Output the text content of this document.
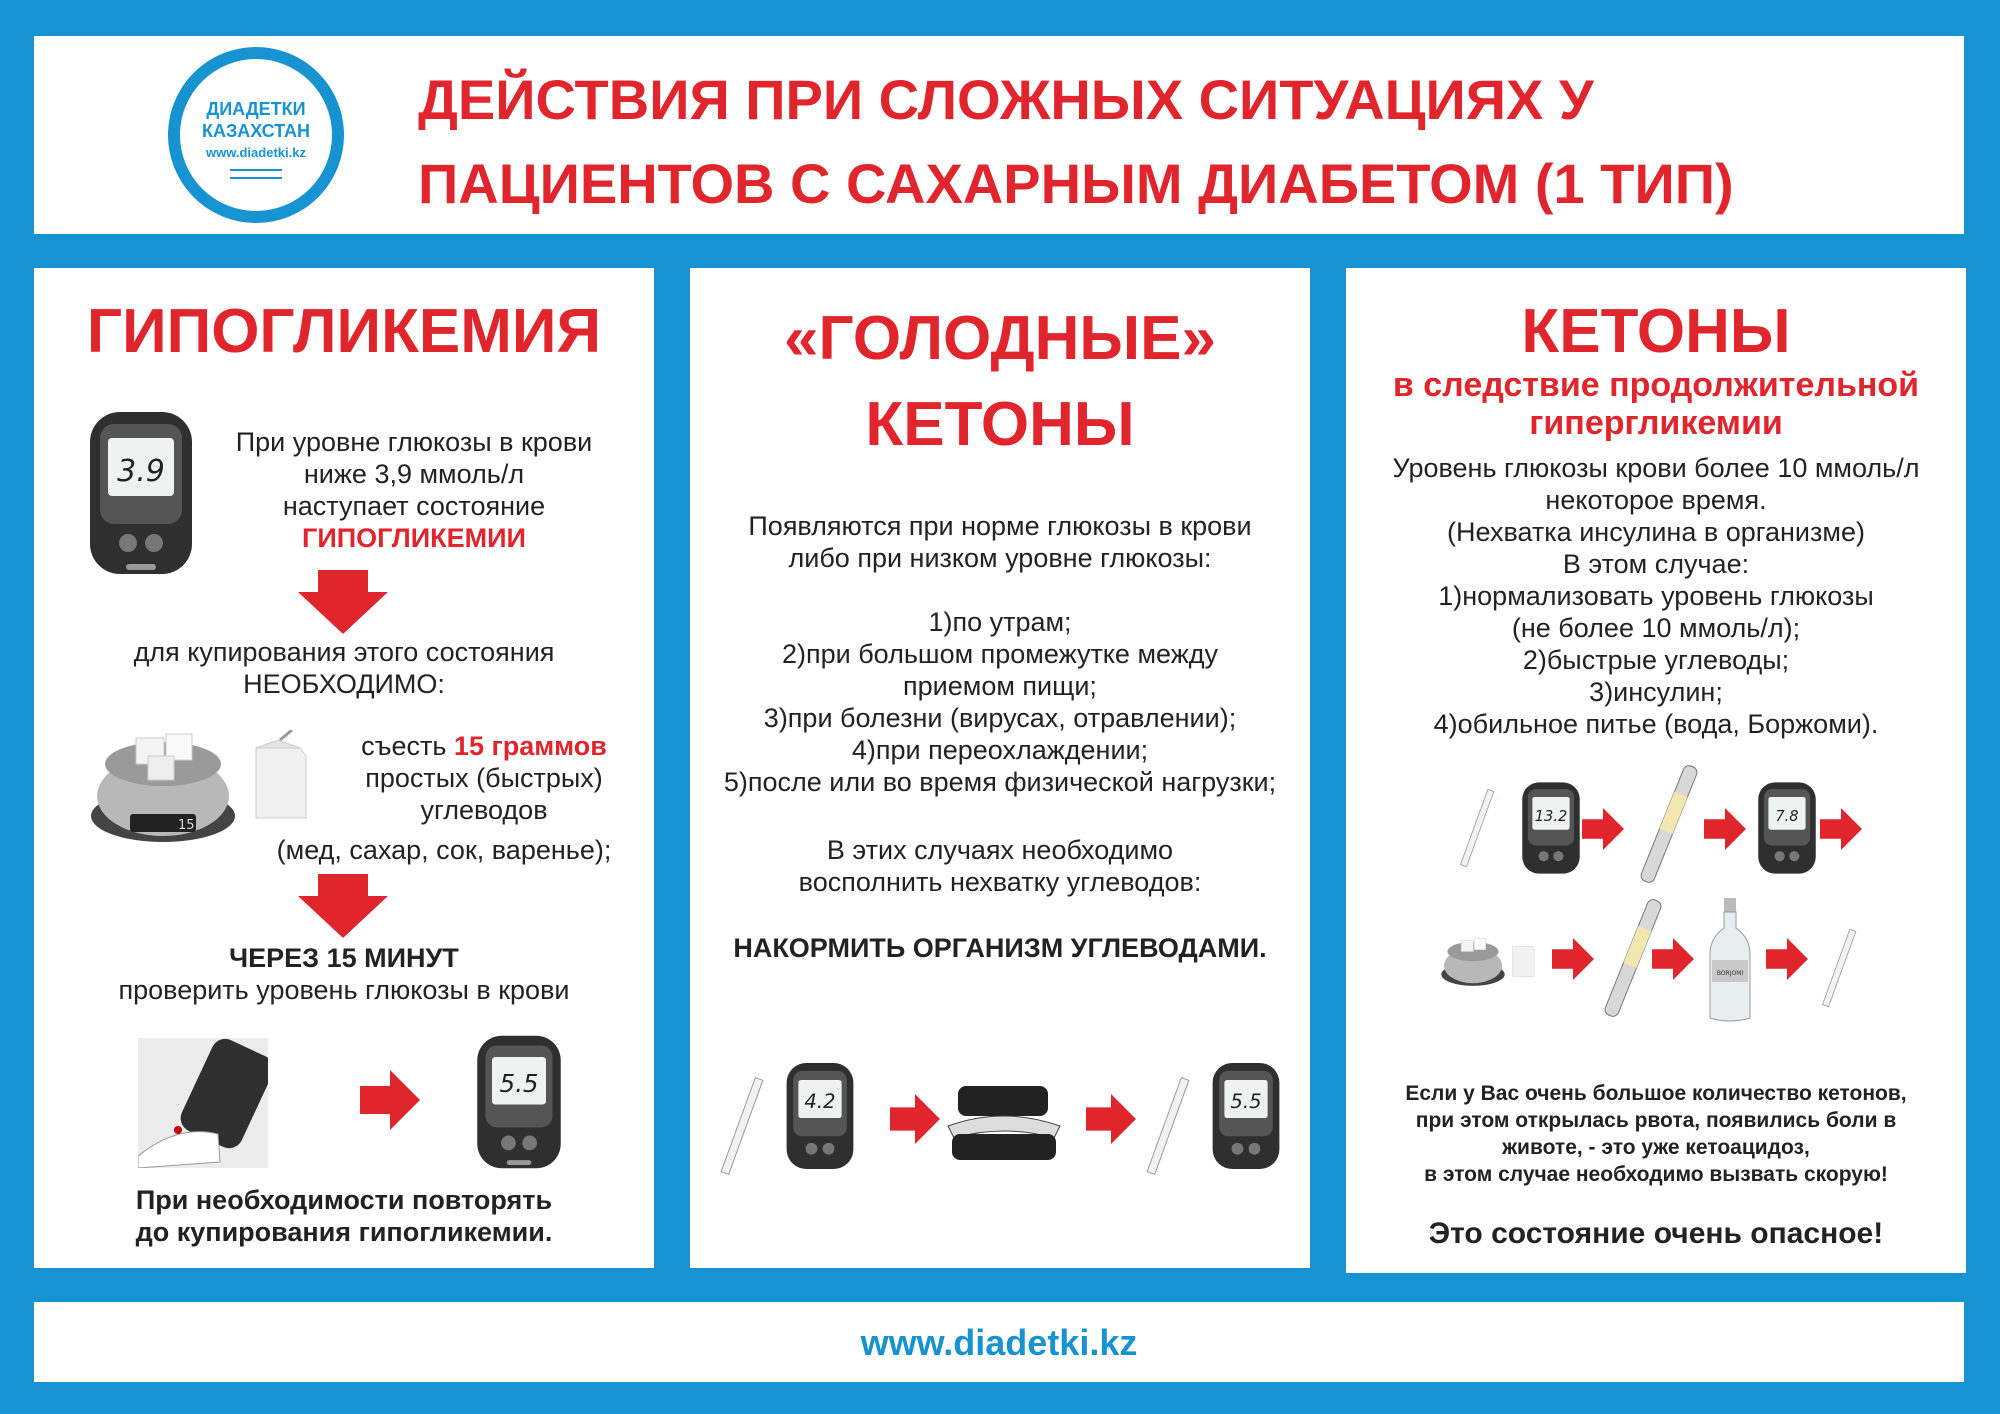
ДИАДЕТКИ
КАЗАХСТАН
www.diadetki.kz
ДЕЙСТВИЯ ПРИ СЛОЖНЫХ СИТУАЦИЯХ У
ПАЦИЕНТОВ С САХАРНЫМ ДИАБЕТОМ (1 ТИП)
ГИПОГЛИКЕМИЯ
3.9
При уровне глюкозы в крови
ниже 3,9 ммоль/л
наступает состояние
ГИПОГЛИКЕМИИ
для купирования этого состояния
НЕОБХОДИМО:
15
съесть 15 граммов
простых (быстрых)
углеводов
(мед, сахар, сок, варенье);
ЧЕРЕЗ 15 МИНУТ
проверить уровень глюкозы в крови
5.5
При необходимости повторять
до купирования гипогликемии.
«ГОЛОДНЫЕ»
КЕТОНЫ
Появляются при норме глюкозы в крови
либо при низком уровне глюкозы:
1)по утрам;
2)при большом промежутке между
приемом пищи;
3)при болезни (вирусах, отравлении);
4)при переохлаждении;
5)после или во время физической нагрузки;
В этих случаях необходимо
восполнить нехватку углеводов:
НАКОРМИТЬ ОРГАНИЗМ УГЛЕВОДАМИ.
4.2	5.5
КЕТОНЫ
в следствие продолжительной
гипергликемии
Уровень глюкозы крови более 10 ммоль/л
некоторое время.
(Нехватка инсулина в организме)
В этом случае:
1)нормализовать уровень глюкозы
(не более 10 ммоль/л);
2)быстрые углеводы;
3)инсулин;
4)обильное питье (вода, Боржоми).
13.2	7.8
BORJOMI
Если у Вас очень большое количество кетонов,
при этом открылась рвота, появились боли в
животе, - это уже кетоацидоз,
в этом случае необходимо вызвать скорую!
Это состояние очень опасное!
www.diadetki.kz
